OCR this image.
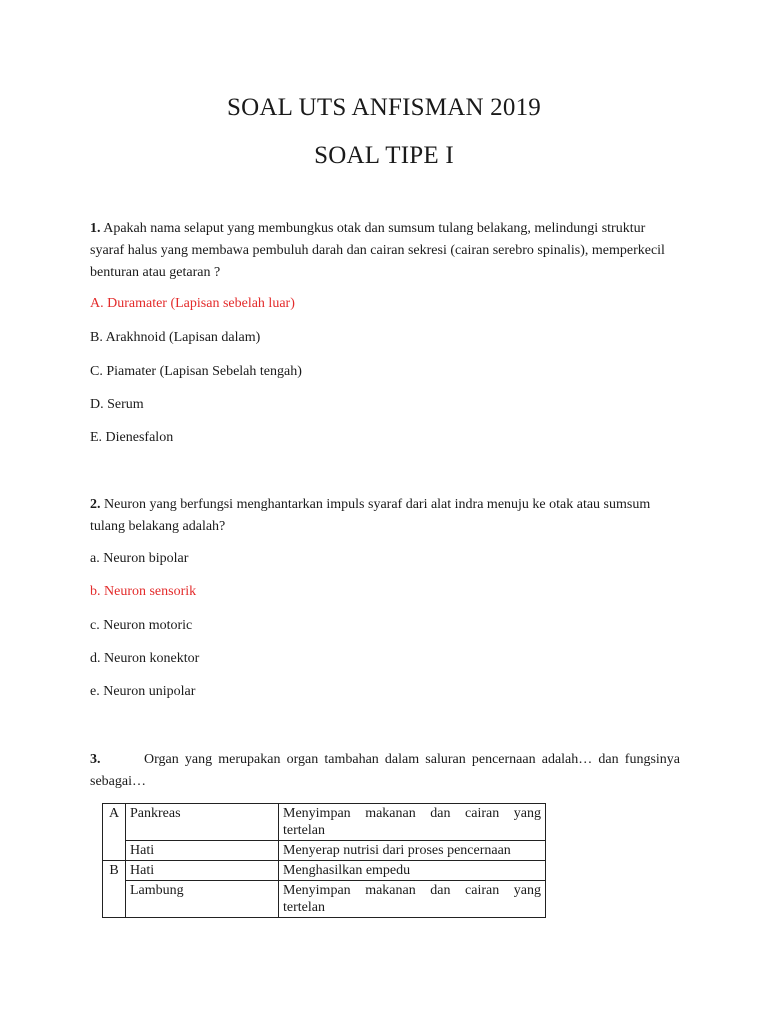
SOAL UTS ANFISMAN 2019
SOAL TIPE I

1. Apakah nama selaput yang membungkus otak dan sumsum tulang belakang, melindungi struktur syaraf halus yang membawa pembuluh darah dan cairan sekresi (cairan serebro spinalis), memperkecil benturan atau getaran ?

A. Duramater (Lapisan sebelah luar)

B. Arakhnoid (Lapisan dalam)

C. Piamater (Lapisan Sebelah tengah)

D. Serum

E. Dienesfalon

2. Neuron yang berfungsi menghantarkan impuls syaraf dari alat indra menuju ke otak atau sumsum tulang belakang adalah?

a. Neuron bipolar

b. Neuron sensorik

c. Neuron motoric

d. Neuron konektor

e. Neuron unipolar

3.	Organ yang merupakan organ tambahan dalam saluran pencernaan adalah… dan fungsinya sebagai…

A	Pankreas	Menyimpan makanan dan cairan yang tertelan
	Hati	Menyerap nutrisi dari proses pencernaan
B	Hati	Menghasilkan empedu
	Lambung	Menyimpan makanan dan cairan yang tertelan
